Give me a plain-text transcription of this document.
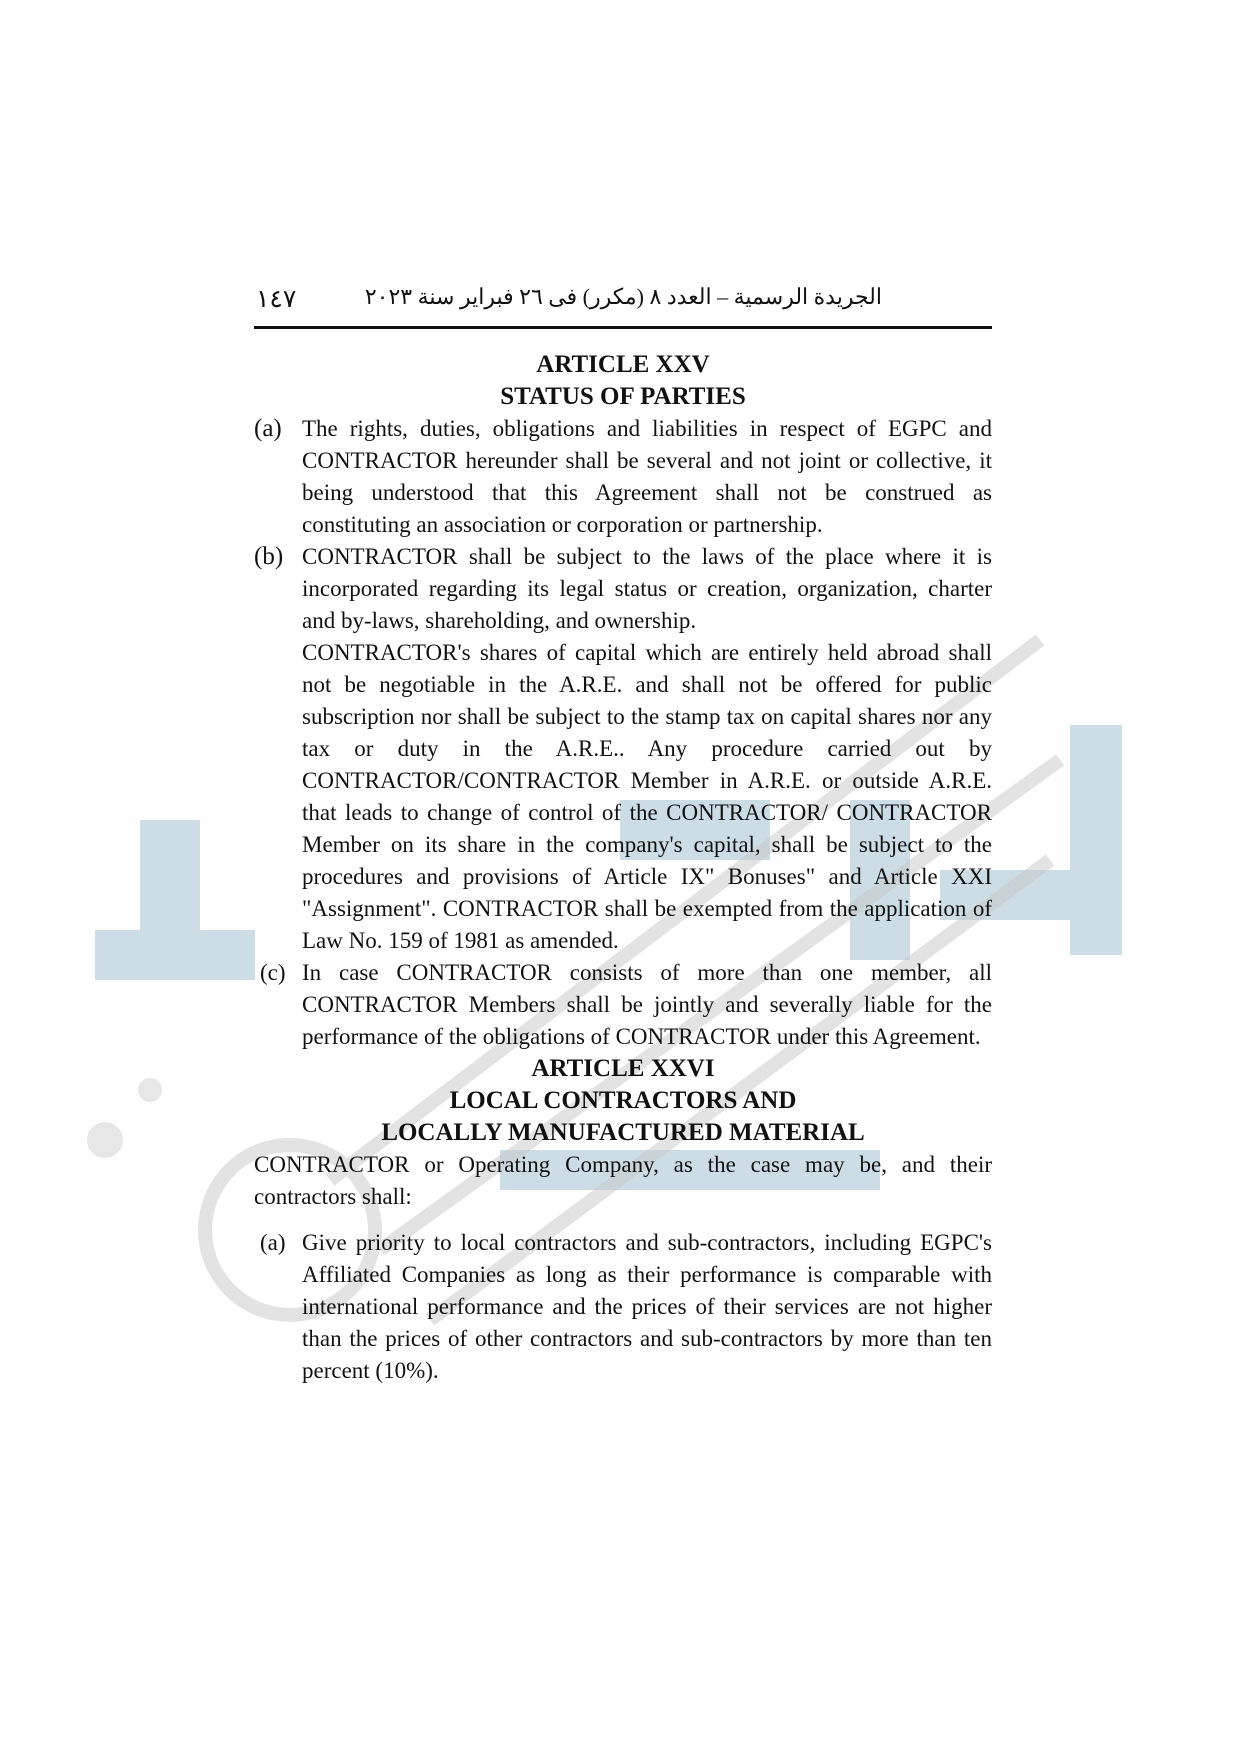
١٤٧	الجريدة الرسمية – العدد ٨ (مكرر) فى ٢٦ فبراير سنة ٢٠٢٣
ARTICLE XXV
STATUS OF PARTIES
(a) The rights, duties, obligations and liabilities in respect of EGPC and CONTRACTOR hereunder shall be several and not joint or collective, it being understood that this Agreement shall not be construed as constituting an association or corporation or partnership.

(b) CONTRACTOR shall be subject to the laws of the place where it is incorporated regarding its legal status or creation, organization, charter and by-laws, shareholding, and ownership.

CONTRACTOR's shares of capital which are entirely held abroad shall not be negotiable in the A.R.E. and shall not be offered for public subscription nor shall be subject to the stamp tax on capital shares nor any tax or duty in the A.R.E.. Any procedure carried out by CONTRACTOR/CONTRACTOR Member in A.R.E. or outside A.R.E. that leads to change of control of the CONTRACTOR/ CONTRACTOR Member on its share in the company's capital, shall be subject to the procedures and provisions of Article IX" Bonuses" and Article XXI "Assignment". CONTRACTOR shall be exempted from the application of Law No. 159 of 1981 as amended.

(c) In case CONTRACTOR consists of more than one member, all CONTRACTOR Members shall be jointly and severally liable for the performance of the obligations of CONTRACTOR under this Agreement.

ARTICLE XXVI
LOCAL CONTRACTORS AND
LOCALLY MANUFACTURED MATERIAL

CONTRACTOR or Operating Company, as the case may be, and their contractors shall:

(a) Give priority to local contractors and sub-contractors, including EGPC's Affiliated Companies as long as their performance is comparable with international performance and the prices of their services are not higher than the prices of other contractors and sub-contractors by more than ten percent (10%).
